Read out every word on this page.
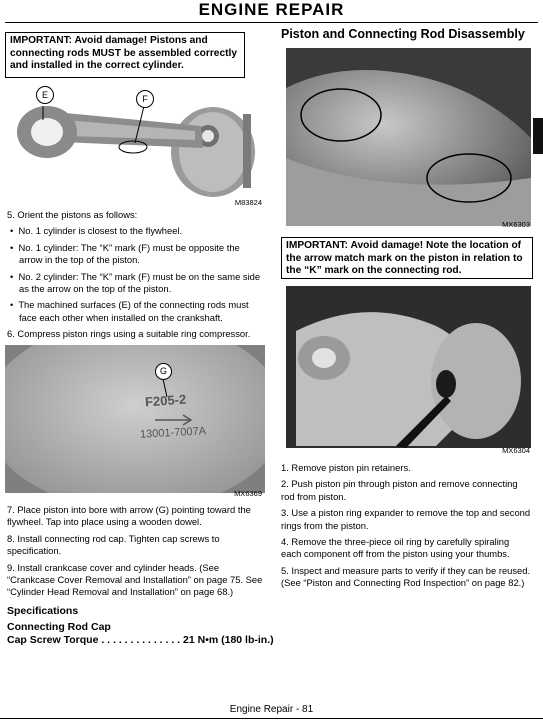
ENGINE REPAIR
IMPORTANT: Avoid damage! Pistons and connecting rods MUST be assembled correctly and installed in the correct cylinder.
E	F
M83824

5. Orient the pistons as follows:

•  No. 1 cylinder is closest to the flywheel.

•  No. 1 cylinder: The “K” mark (F) must be opposite the arrow in the top of the piston.

•  No. 2 cylinder: The “K” mark (F) must be on the same side as the arrow on the top of the piston.

•  The machined surfaces (E) of the connecting rods must face each other when installed on the crankshaft.

6. Compress piston rings using a suitable ring compressor.

G
F205-2
13001-7007A
MX6369

7. Place piston into bore with arrow (G) pointing toward the flywheel. Tap into place using a wooden dowel.

8. Install connecting rod cap. Tighten cap screws to specification.

9. Install crankcase cover and cylinder heads. (See “Crankcase Cover Removal and Installation” on page 75. See “Cylinder Head Removal and Installation” on page 68.)

Specifications
Connecting Rod Cap
Cap Screw Torque . . . . . . . . . . . . . . 21 N•m (180 lb-in.)
Piston and Connecting Rod Disassembly
MX6303
IMPORTANT: Avoid damage! Note the location of the arrow match mark on the piston in relation to the “K” mark on the connecting rod.
MX6304

1. Remove piston pin retainers.

2. Push piston pin through piston and remove connecting rod from piston.

3. Use a piston ring expander to remove the top and second rings from the piston.

4. Remove the three-piece oil ring by carefully spiraling each component off from the piston using your thumbs.

5. Inspect and measure parts to verify if they can be reused. (See “Piston and Connecting Rod Inspection” on page 82.)

Engine Repair - 81
